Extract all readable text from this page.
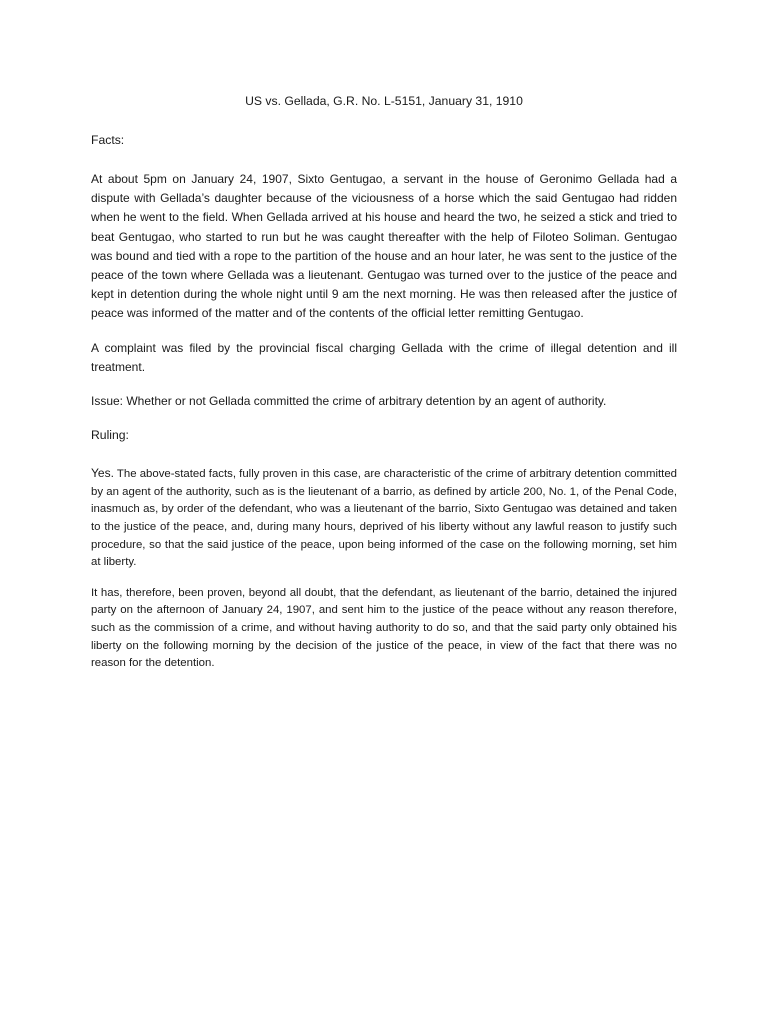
US vs. Gellada, G.R. No. L-5151, January 31, 1910

Facts:

At about 5pm on January 24, 1907, Sixto Gentugao, a servant in the house of Geronimo Gellada had a dispute with Gellada’s daughter because of the viciousness of a horse which the said Gentugao had ridden when he went to the field. When Gellada arrived at his house and heard the two, he seized a stick and tried to beat Gentugao, who started to run but he was caught thereafter with the help of Filoteo Soliman. Gentugao was bound and tied with a rope to the partition of the house and an hour later, he was sent to the justice of the peace of the town where Gellada was a lieutenant. Gentugao was turned over to the justice of the peace and kept in detention during the whole night until 9 am the next morning. He was then released after the justice of peace was informed of the matter and of the contents of the official letter remitting Gentugao.

A complaint was filed by the provincial fiscal charging Gellada with the crime of illegal detention and ill treatment.

Issue: Whether or not Gellada committed the crime of arbitrary detention by an agent of authority.

Ruling:

Yes. The above-stated facts, fully proven in this case, are characteristic of the crime of arbitrary detention committed by an agent of the authority, such as is the lieutenant of a barrio, as defined by article 200, No. 1, of the Penal Code, inasmuch as, by order of the defendant, who was a lieutenant of the barrio, Sixto Gentugao was detained and taken to the justice of the peace, and, during many hours, deprived of his liberty without any lawful reason to justify such procedure, so that the said justice of the peace, upon being informed of the case on the following morning, set him at liberty.

It has, therefore, been proven, beyond all doubt, that the defendant, as lieutenant of the barrio, detained the injured party on the afternoon of January 24, 1907, and sent him to the justice of the peace without any reason therefore, such as the commission of a crime, and without having authority to do so, and that the said party only obtained his liberty on the following morning by the decision of the justice of the peace, in view of the fact that there was no reason for the detention.
